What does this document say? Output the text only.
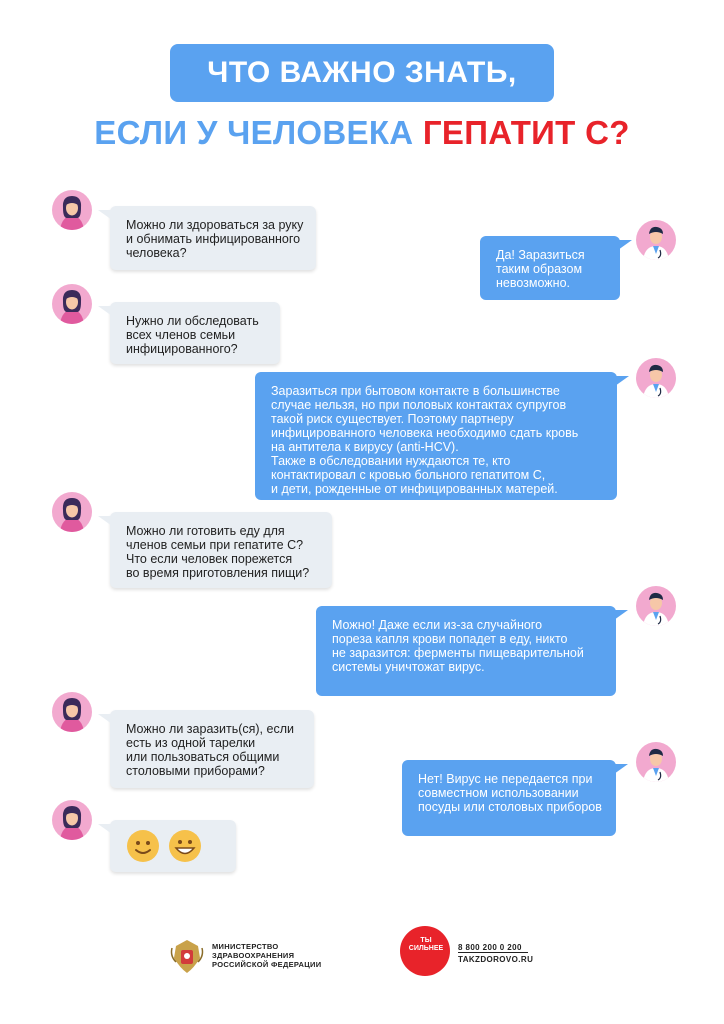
ЧТО ВАЖНО ЗНАТЬ,
ЕСЛИ У ЧЕЛОВЕКА ГЕПАТИТ С?
Можно ли здороваться за руку
и обнимать инфицированного
человека?	Да! Заразиться
таким образом
невозможно.
Нужно ли обследовать
всех членов семьи
инфицированного?
Заразиться при бытовом контакте в большинстве
случае нельзя, но при половых контактах супругов
такой риск существует. Поэтому партнеру
инфицированного человека необходимо сдать кровь
на антитела к вирусу (anti-HCV).
Также в обследовании нуждаются те, кто
контактировал с кровью больного гепатитом С,
и дети, рожденные от инфицированных матерей.
Можно ли готовить еду для
членов семьи при гепатите С?
Что если человек порежется
во время приготовления пищи?
Можно! Даже если из-за случайного
пореза капля крови попадет в еду, никто
не заразится: ферменты пищеварительной
системы уничтожат вирус.
Можно ли заразить(ся), если
есть из одной тарелки
или пользоваться общими
столовыми приборами?
Нет! Вирус не передается при
совместном использовании
посуды или столовых приборов
МИНИСТЕРСТВО
ЗДРАВООХРАНЕНИЯ
РОССИЙСКОЙ ФЕДЕРАЦИИ
ТЫ
СИЛЬНЕЕ	8 800 200 0 200
TAKZDOROVO.RU
